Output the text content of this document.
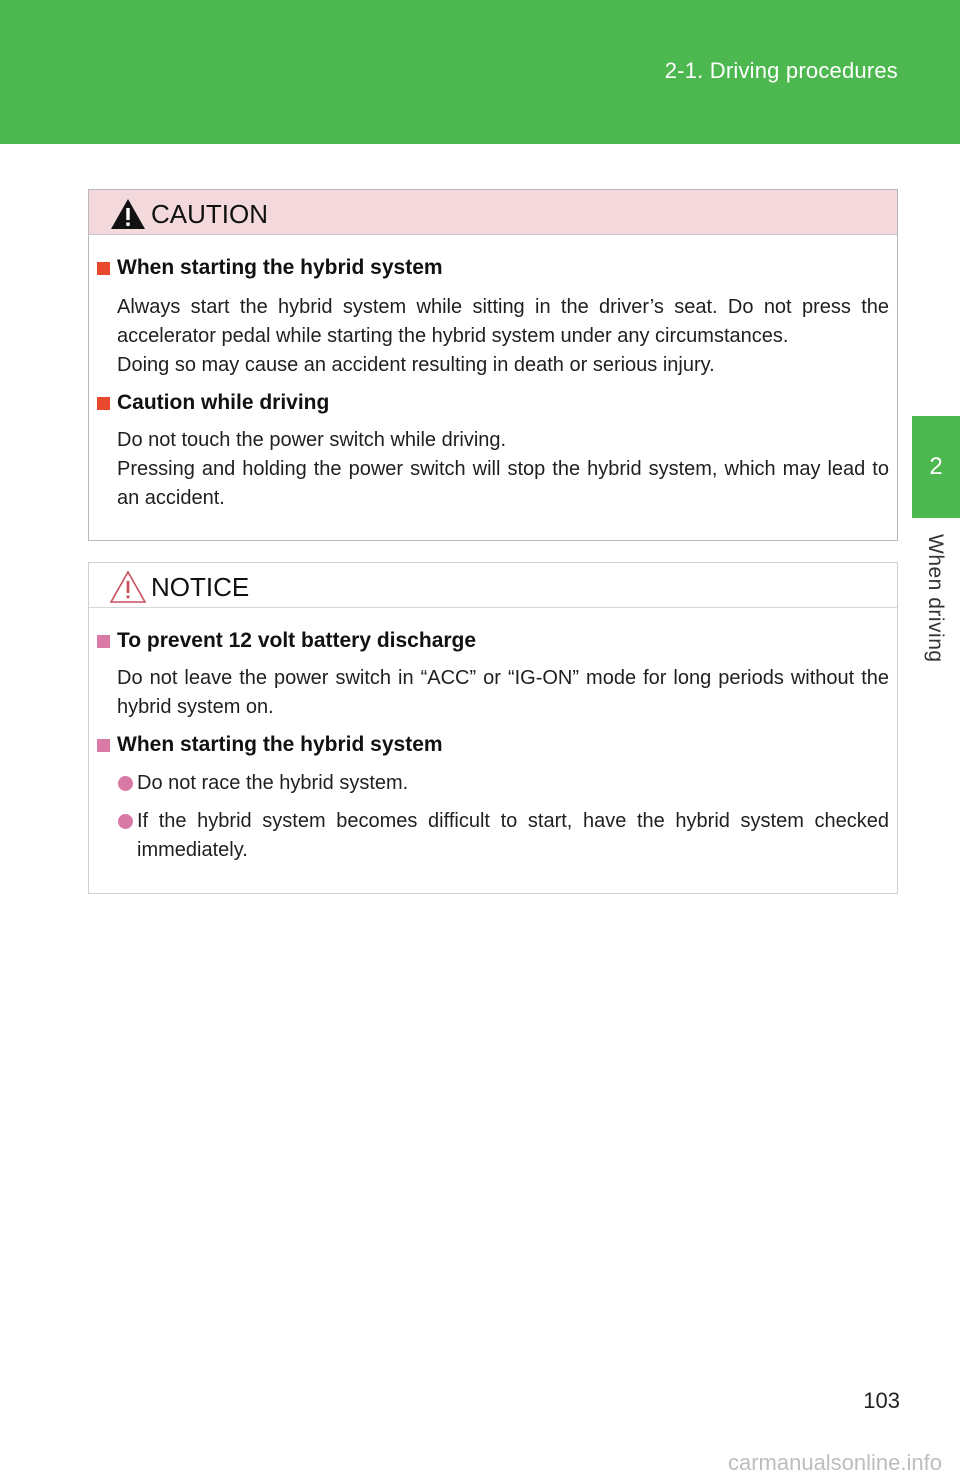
2-1. Driving procedures
2
When driving
CAUTION
When starting the hybrid system
Always start the hybrid system while sitting in the driver’s seat. Do not press the accelerator pedal while starting the hybrid system under any circumstances.
Doing so may cause an accident resulting in death or serious injury.
Caution while driving
Do not touch the power switch while driving.
Pressing and holding the power switch will stop the hybrid system, which may lead to an accident.
NOTICE
To prevent 12 volt battery discharge
Do not leave the power switch in “ACC” or “IG-ON” mode for long periods without the hybrid system on.
When starting the hybrid system
Do not race the hybrid system.
If the hybrid system becomes difficult to start, have the hybrid system checked immediately.
103
carmanualsonline.info
